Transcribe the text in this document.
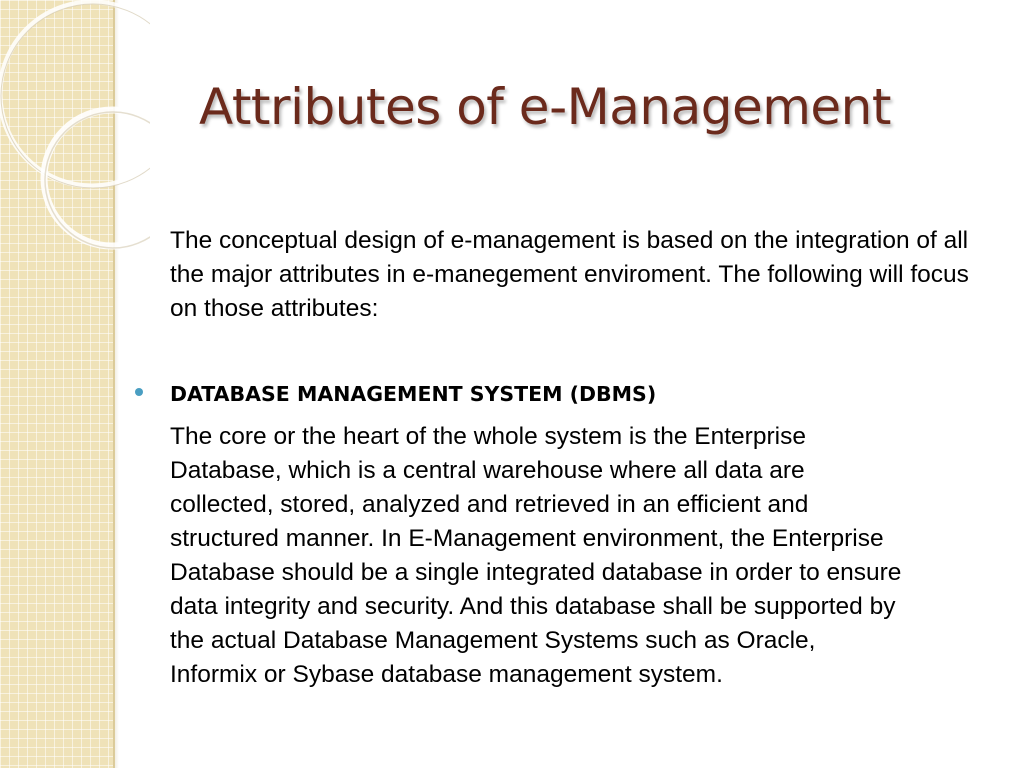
Attributes of e-Management

The conceptual design of e-management is based on the integration of all the major attributes in e-manegement enviroment. The following will focus on those attributes:

DATABASE MANAGEMENT SYSTEM (DBMS)

The core or the heart of the whole system is the Enterprise
Database, which is a central warehouse where all data are
collected, stored, analyzed and retrieved in an efficient and
structured manner. In E-Management environment, the Enterprise
Database should be a single integrated database in order to ensure
data integrity and security. And this database shall be supported by
the actual Database Management Systems such as Oracle,
Informix or Sybase database management system.
